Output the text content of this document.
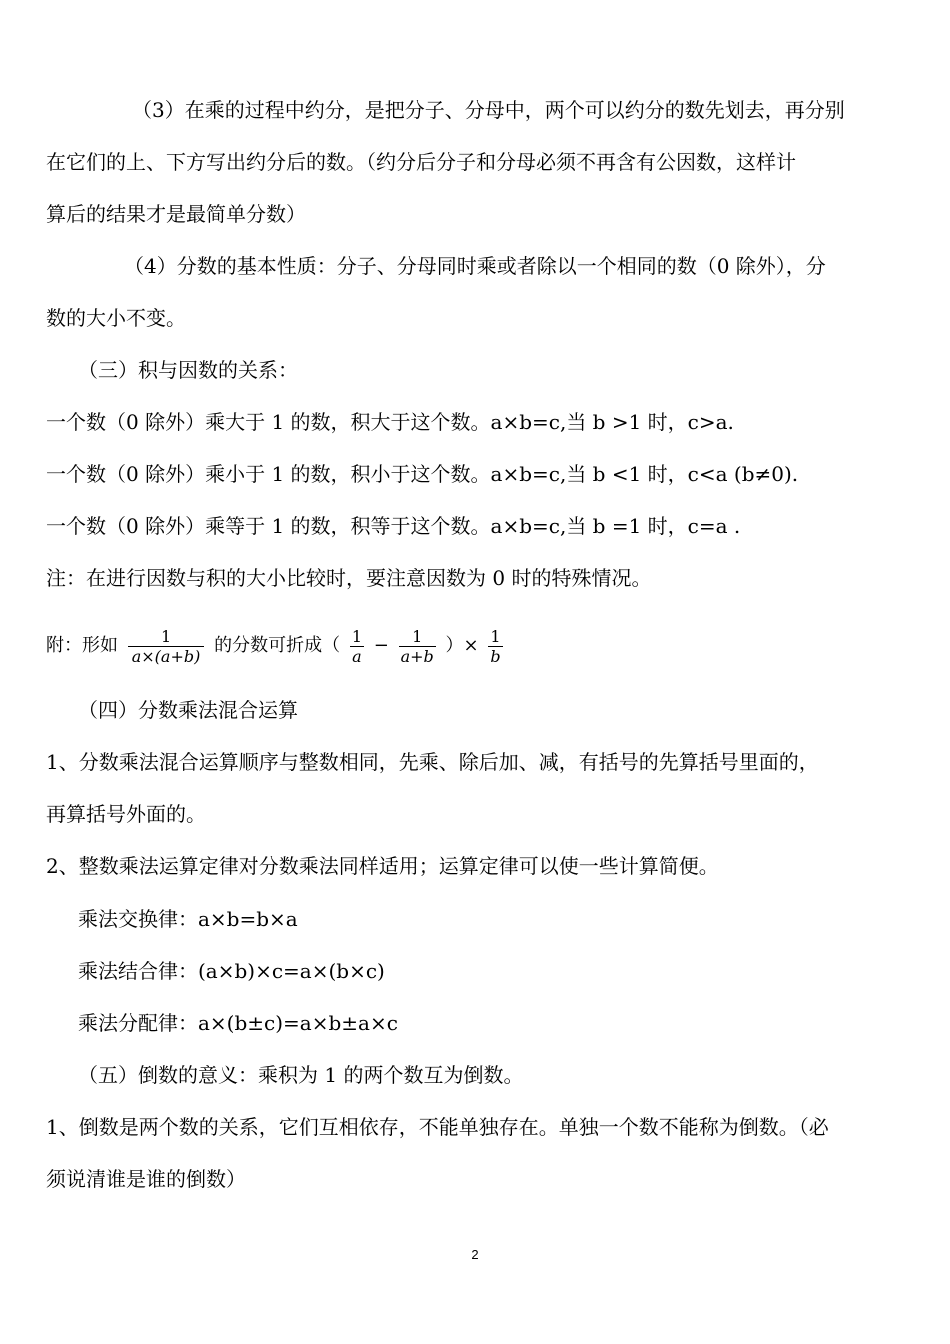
（3）在乘的过程中约分，是把分子、分母中，两个可以约分的数先划去，再分别
在它们的上、下方写出约分后的数。（约分后分子和分母必须不再含有公因数，这样计
算后的结果才是最简单分数）
（4）分数的基本性质：分子、分母同时乘或者除以一个相同的数（0 除外），分
数的大小不变。
（三）积与因数的关系：
一个数（0 除外）乘大于 1 的数，积大于这个数。a×b=c,当 b >1 时，c>a.
一个数（0 除外）乘小于 1 的数，积小于这个数。a×b=c,当 b <1 时，c<a (b≠0).
一个数（0 除外）乘等于 1 的数，积等于这个数。a×b=c,当 b =1 时，c=a .
注：在进行因数与积的大小比较时，要注意因数为 0 时的特殊情况。
附：形如 $\frac{1}{a\times(a+b)}$ 的分数可折成（ $\frac{1}{a} - \frac{1}{a+b}$ ）× $\frac{1}{b}$
（四）分数乘法混合运算
1、分数乘法混合运算顺序与整数相同，先乘、除后加、减，有括号的先算括号里面的，
再算括号外面的。
2、整数乘法运算定律对分数乘法同样适用；运算定律可以使一些计算简便。
乘法交换律：a×b=b×a
乘法结合律：(a×b)×c=a×(b×c)
乘法分配律：a×(b±c)=a×b±a×c
（五）倒数的意义：乘积为 1 的两个数互为倒数。
1、倒数是两个数的关系，它们互相依存，不能单独存在。单独一个数不能称为倒数。（必
须说清谁是谁的倒数）
2
